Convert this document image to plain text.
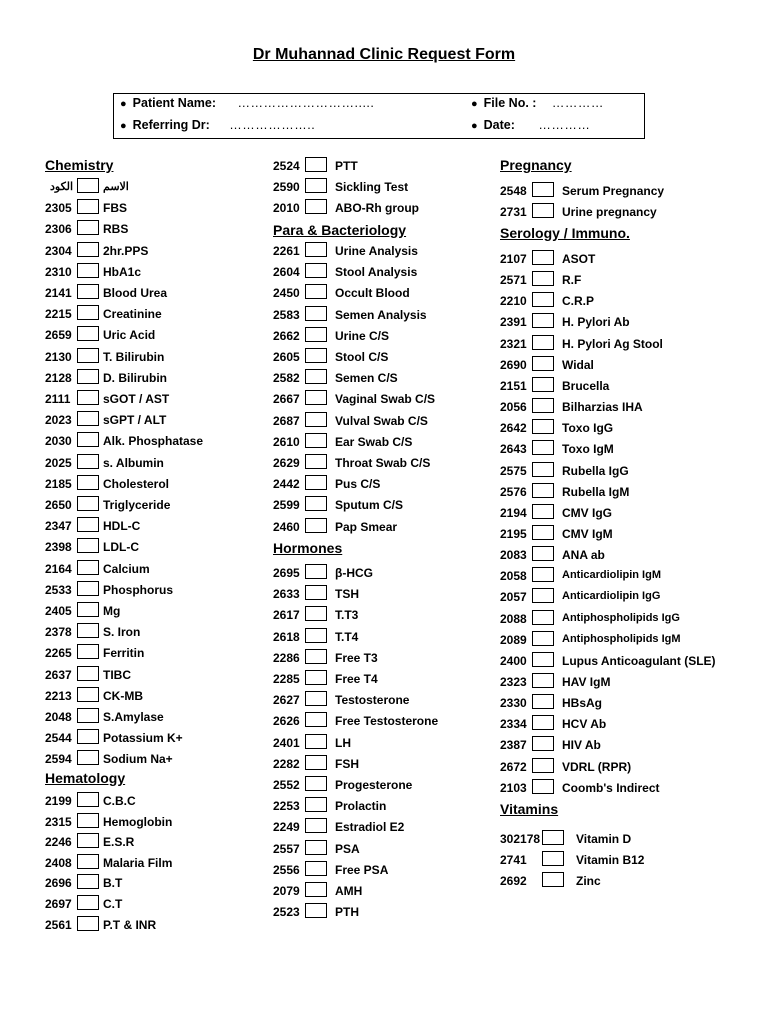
Dr Muhannad Clinic Request Form
● Patient Name: ……………………….....
● Referring Dr: ………………..
● File No. : …………
● Date: …………
Chemistry
الكود	الاسم
2305	FBS
2306	RBS
2304	2hr.PPS
2310	HbA1c
2141	Blood Urea
2215	Creatinine
2659	Uric Acid
2130	T. Bilirubin
2128	D. Bilirubin
2111	sGOT / AST
2023	sGPT / ALT
2030	Alk. Phosphatase
2025	s. Albumin
2185	Cholesterol
2650	Triglyceride
2347	HDL-C
2398	LDL-C
2164	Calcium
2533	Phosphorus
2405	Mg
2378	S. Iron
2265	Ferritin
2637	TIBC
2213	CK-MB
2048	S.Amylase
2544	Potassium K+
2594	Sodium Na+
Hematology
2199	C.B.C
2315	Hemoglobin
2246	E.S.R
2408	Malaria Film
2696	B.T
2697	C.T
2561	P.T & INR
2524	PTT
2590	Sickling Test
2010	ABO-Rh group
Para & Bacteriology
2261	Urine Analysis
2604	Stool Analysis
2450	Occult Blood
2583	Semen Analysis
2662	Urine C/S
2605	Stool C/S
2582	Semen C/S
2667	Vaginal Swab C/S
2687	Vulval Swab C/S
2610	Ear Swab C/S
2629	Throat Swab C/S
2442	Pus C/S
2599	Sputum C/S
2460	Pap Smear
Hormones
2695	β-HCG
2633	TSH
2617	T.T3
2618	T.T4
2286	Free T3
2285	Free T4
2627	Testosterone
2626	Free Testosterone
2401	LH
2282	FSH
2552	Progesterone
2253	Prolactin
2249	Estradiol E2
2557	PSA
2556	Free PSA
2079	AMH
2523	PTH
Pregnancy
2548	Serum Pregnancy
2731	Urine pregnancy
Serology / Immuno.
2107	ASOT
2571	R.F
2210	C.R.P
2391	H. Pylori Ab
2321	H. Pylori Ag Stool
2690	Widal
2151	Brucella
2056	Bilharzias IHA
2642	Toxo IgG
2643	Toxo IgM
2575	Rubella IgG
2576	Rubella IgM
2194	CMV IgG
2195	CMV IgM
2083	ANA ab
2058	Anticardiolipin IgM
2057	Anticardiolipin IgG
2088	Antiphospholipids IgG
2089	Antiphospholipids IgM
2400	Lupus Anticoagulant (SLE)
2323	HAV IgM
2330	HBsAg
2334	HCV Ab
2387	HIV Ab
2672	VDRL (RPR)
2103	Coomb's Indirect
Vitamins
302178	Vitamin D
2741	Vitamin B12
2692	Zinc
